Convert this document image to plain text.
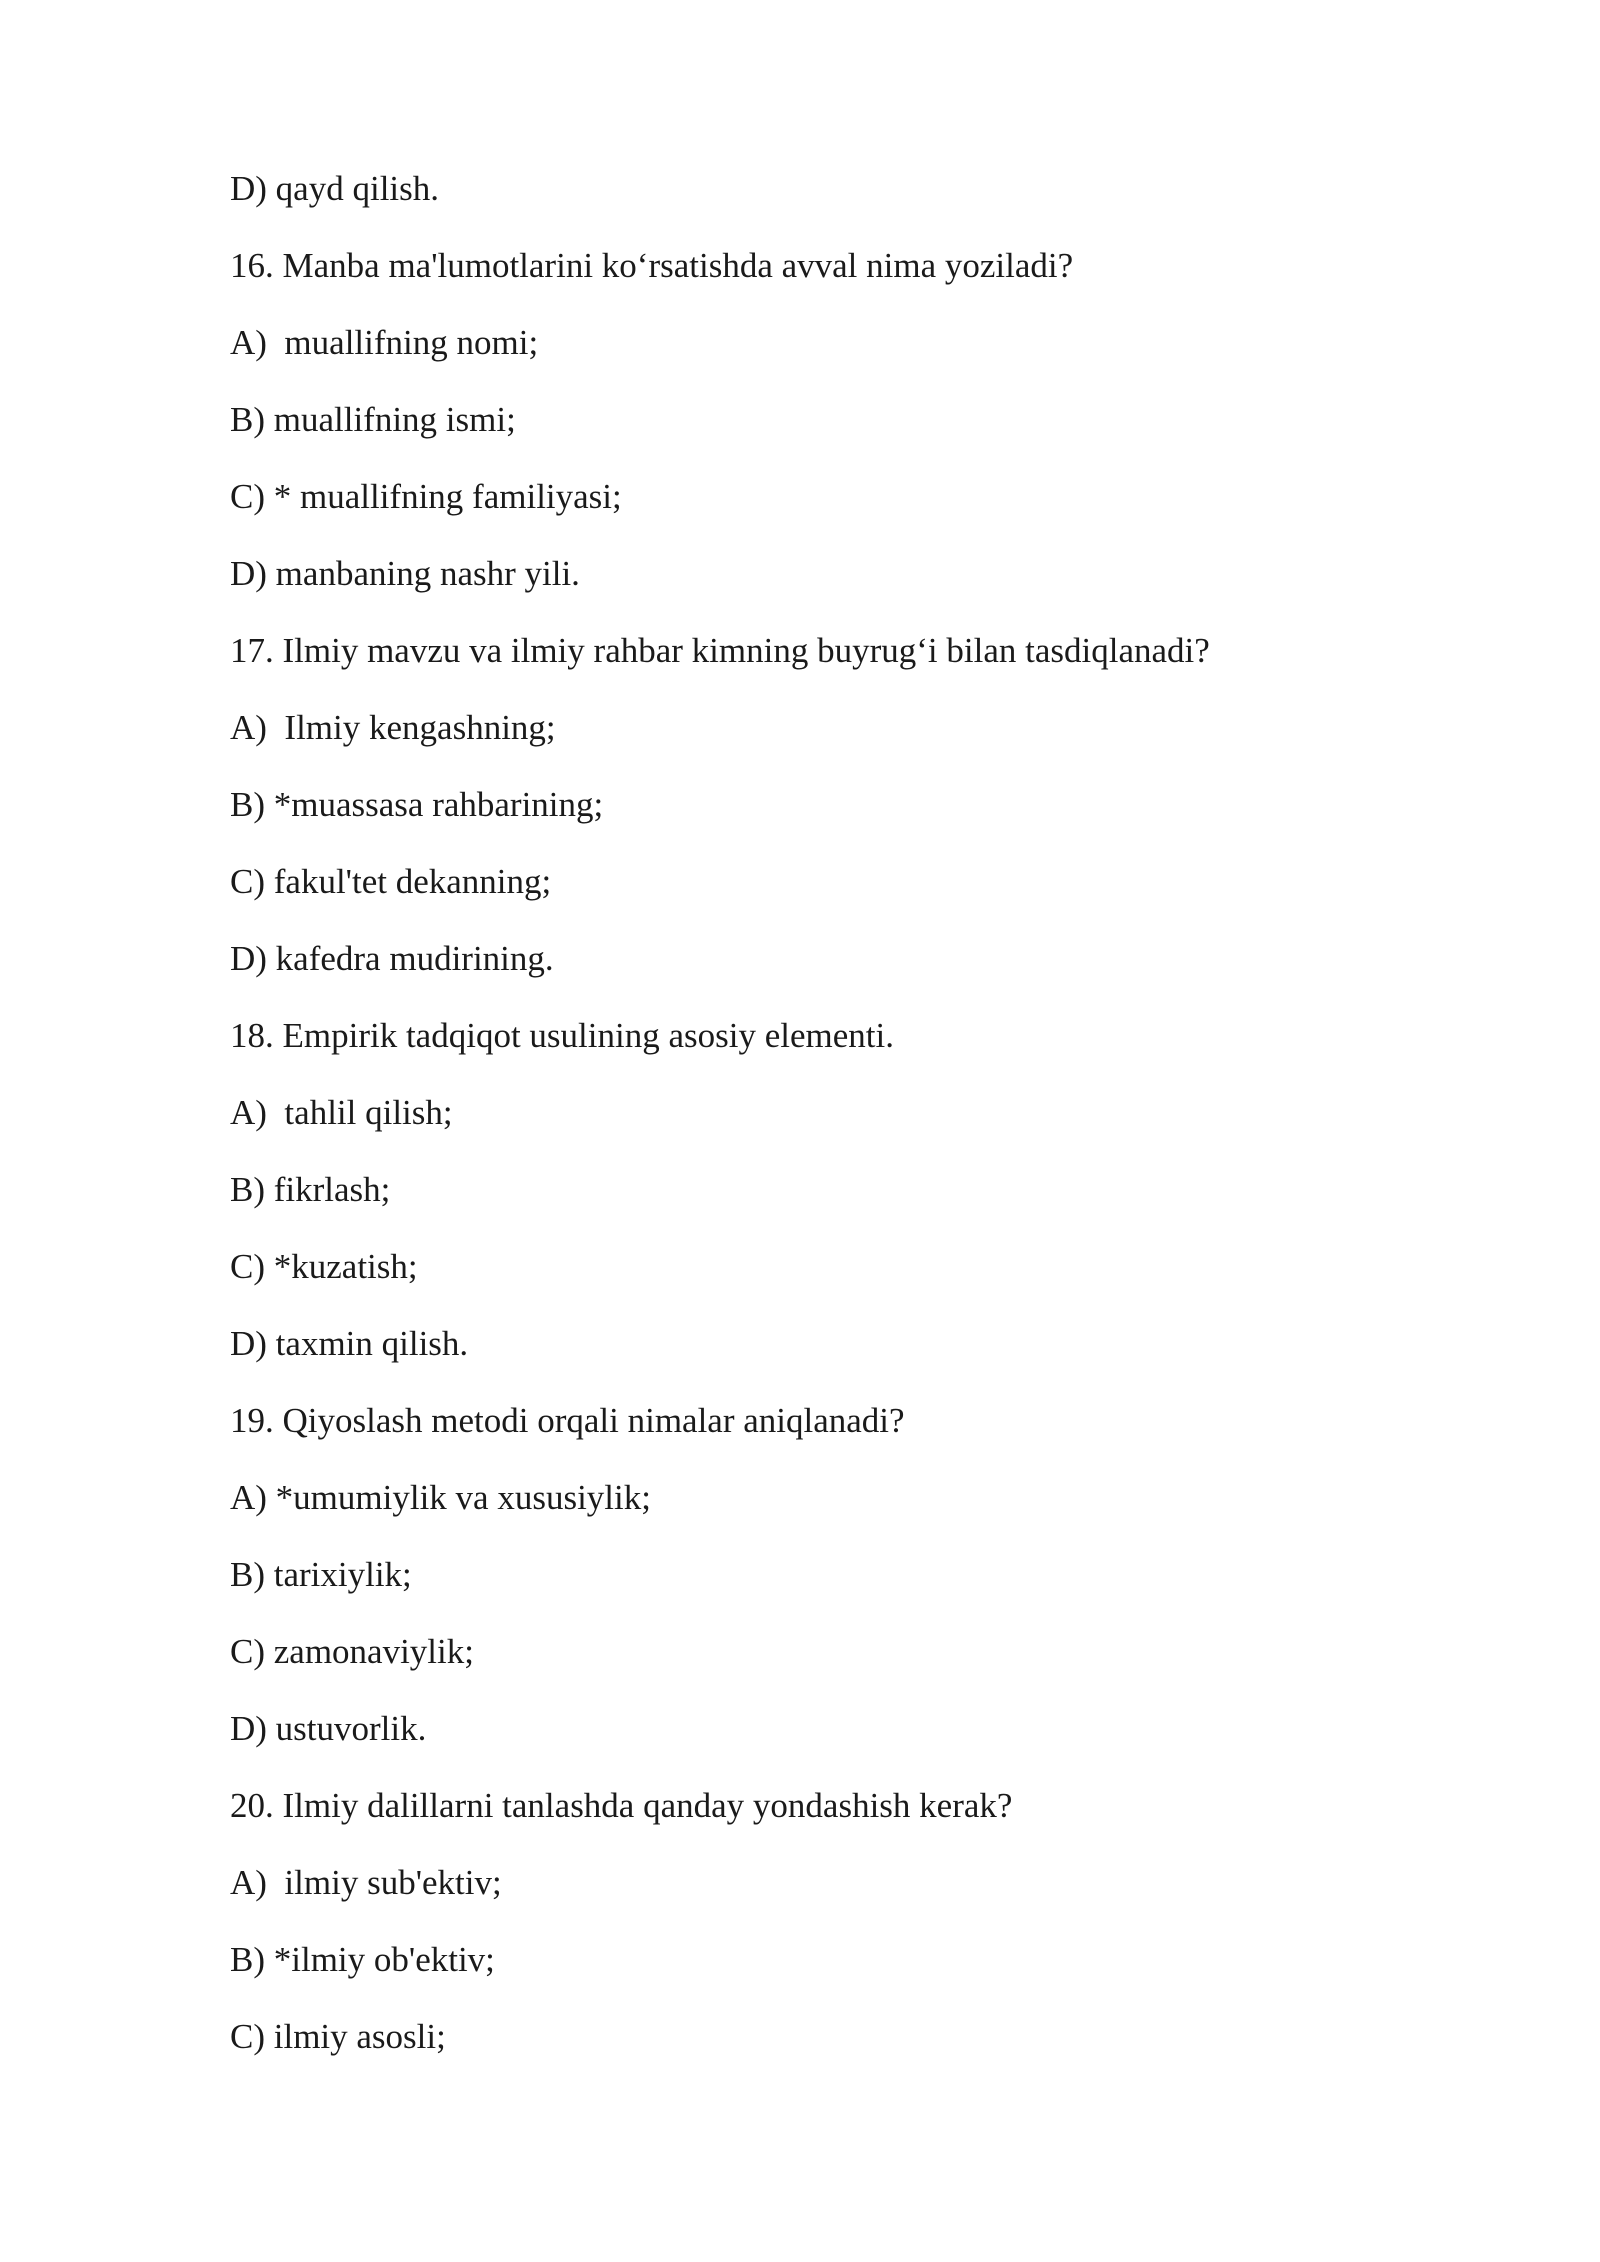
D) qayd qilish.
16. Manba ma'lumotlarini ko‘rsatishda avval nima yoziladi?
A)  muallifning nomi;
B) muallifning ismi;
C) * muallifning familiyasi;
D) manbaning nashr yili.
17. Ilmiy mavzu va ilmiy rahbar kimning buyrug‘i bilan tasdiqlanadi?
A)  Ilmiy kengashning;
B) *muassasa rahbarining;
C) fakul'tet dekanning;
D) kafedra mudirining.
18. Empirik tadqiqot usulining asosiy elementi.
A)  tahlil qilish;
B) fikrlash;
C) *kuzatish;
D) taxmin qilish.
19. Qiyoslash metodi orqali nimalar aniqlanadi?
A) *umumiylik va xususiylik;
B) tarixiylik;
C) zamonaviylik;
D) ustuvorlik.
20. Ilmiy dalillarni tanlashda qanday yondashish kerak?
A)  ilmiy sub'ektiv;
B) *ilmiy ob'ektiv;
C) ilmiy asosli;
